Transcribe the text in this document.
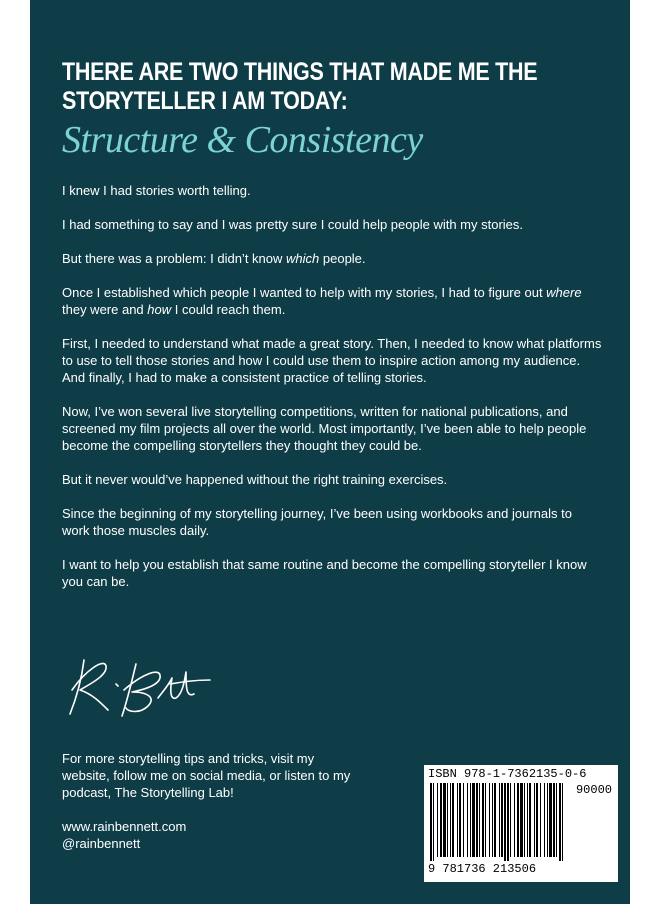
THERE ARE TWO THINGS THAT MADE ME THE
STORYTELLER I AM TODAY:
Structure & Consistency

I knew I had stories worth telling.

I had something to say and I was pretty sure I could help people with my stories.

But there was a problem: I didn’t know which people.

Once I established which people I wanted to help with my stories, I had to figure out where they were and how I could reach them.

First, I needed to understand what made a great story. Then, I needed to know what platforms to use to tell those stories and how I could use them to inspire action among my audience. And finally, I had to make a consistent practice of telling stories.

Now, I’ve won several live storytelling competitions, written for national publications, and screened my film projects all over the world. Most importantly, I’ve been able to help people become the compelling storytellers they thought they could be.

But it never would’ve happened without the right training exercises.

Since the beginning of my storytelling journey, I’ve been using workbooks and journals to work those muscles daily.

I want to help you establish that same routine and become the compelling storyteller I know you can be.

For more storytelling tips and tricks, visit my website, follow me on social media, or listen to my podcast, The Storytelling Lab!

www.rainbennett.com

@rainbennett

ISBN 978-1-7362135-0-6
90000
9 781736 213506
